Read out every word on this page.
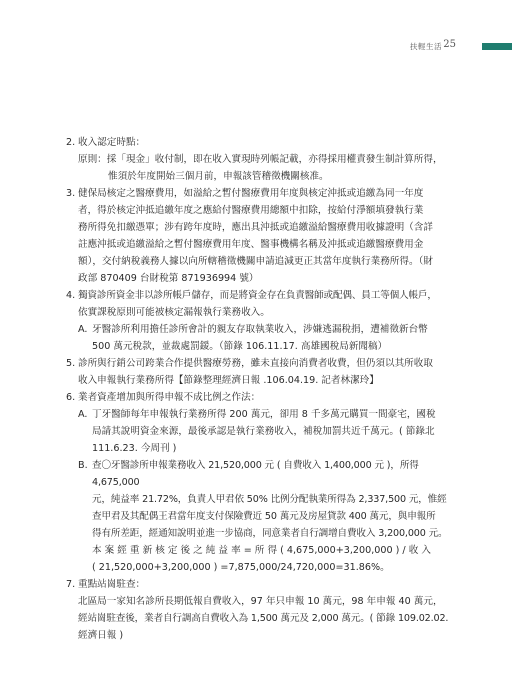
扶輕生活 25
2. 收入認定時點：
原則：採「現金」收付制，即在收入實現時列帳記載，亦得採用權責發生制計算所得，
惟須於年度開始三個月前，申報該管稽徵機關核准。
3. 健保局核定之醫療費用，如溢給之暫付醫療費用年度與核定沖抵或追繳為同一年度
者，得於核定沖抵追繳年度之應給付醫療費用總額中扣除，按給付淨額填發執行業
務所得免扣繳憑單；涉有跨年度時，應出具沖抵或追繳溢給醫療費用收據證明（含詳
註應沖抵或追繳溢給之暫付醫療費用年度、醫事機構名稱及沖抵或追繳醫療費用金
額），交付納稅義務人據以向所轄稽徵機關申請追減更正其當年度執行業務所得。（財
政部 870409 台財稅第 871936994 號）
4. 獨資診所資金非以診所帳戶儲存，而是將資金存在負責醫師或配偶、員工等個人帳戶，
依實課稅原則可能被核定漏報執行業務收入。
A. 牙醫診所利用擔任診所會計的親友存取執業收入，涉嫌逃漏稅捐，遭補徵新台幣
500 萬元稅款，並裁處罰鍰。（節錄 106.11.17. 高雄國稅局新聞稿）
5. 診所與行銷公司跨業合作提供醫療勞務，雖未直接向消費者收費，但仍須以其所收取
收入申報執行業務所得【節錄整理經濟日報 .106.04.19. 記者林潔玲】
6. 業者資產增加與所得申報不成比例之作法：
A. 丁牙醫師每年申報執行業務所得 200 萬元，卻用 8 千多萬元購買一間豪宅，國稅
局請其說明資金來源，最後承認是執行業務收入，補稅加罰共近千萬元。( 節錄北
111.6.23. 今周刊 )
B. 查〇牙醫診所申報業務收入 21,520,000 元 ( 自費收入 1,400,000 元 )，所得 4,675,000
元，純益率 21.72%，負責人甲君依 50% 比例分配執業所得為 2,337,500 元，惟經
查甲君及其配偶王君當年度支付保險費近 50 萬元及房屋貸款 400 萬元，與申報所
得有所差距，經通知說明並進一步協商，同意業者自行調增自費收入 3,200,000 元。
本 案 經 重 新 核 定 後 之 純 益 率 = 所 得 ( 4,675,000+3,200,000 ) / 收 入
( 21,520,000+3,200,000 ) =7,875,000/24,720,000=31.86%。
7. 重點站崗駐查：
北區局一家知名診所長期低報自費收入，97 年只申報 10 萬元，98 年申報 40 萬元，
經站崗駐查後，業者自行調高自費收入為 1,500 萬元及 2,000 萬元。( 節錄 109.02.02.
經濟日報 )
